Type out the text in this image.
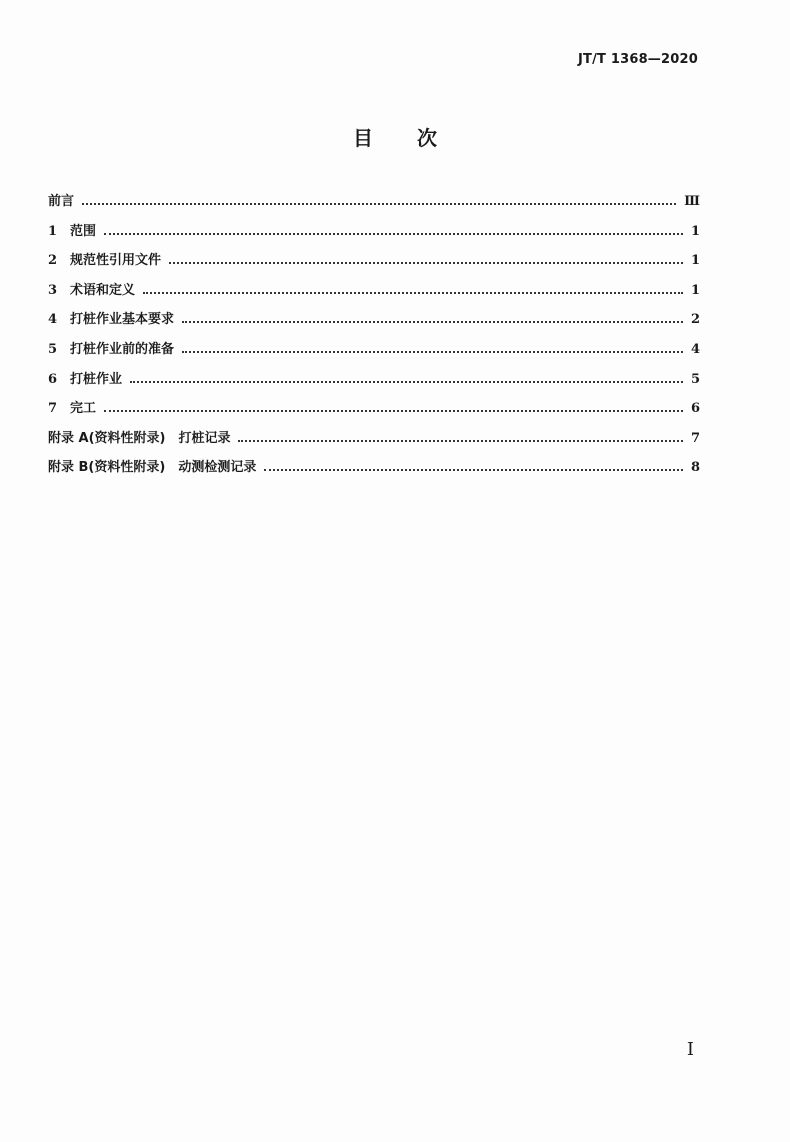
JT/T 1368—2020
目次
前言	Ⅲ
1 范围	1
2 规范性引用文件	1
3 术语和定义	1
4 打桩作业基本要求	2
5 打桩作业前的准备	4
6 打桩作业	5
7 完工	6
附录 A(资料性附录)　打桩记录	7
附录 B(资料性附录)　动测检测记录	8
I
